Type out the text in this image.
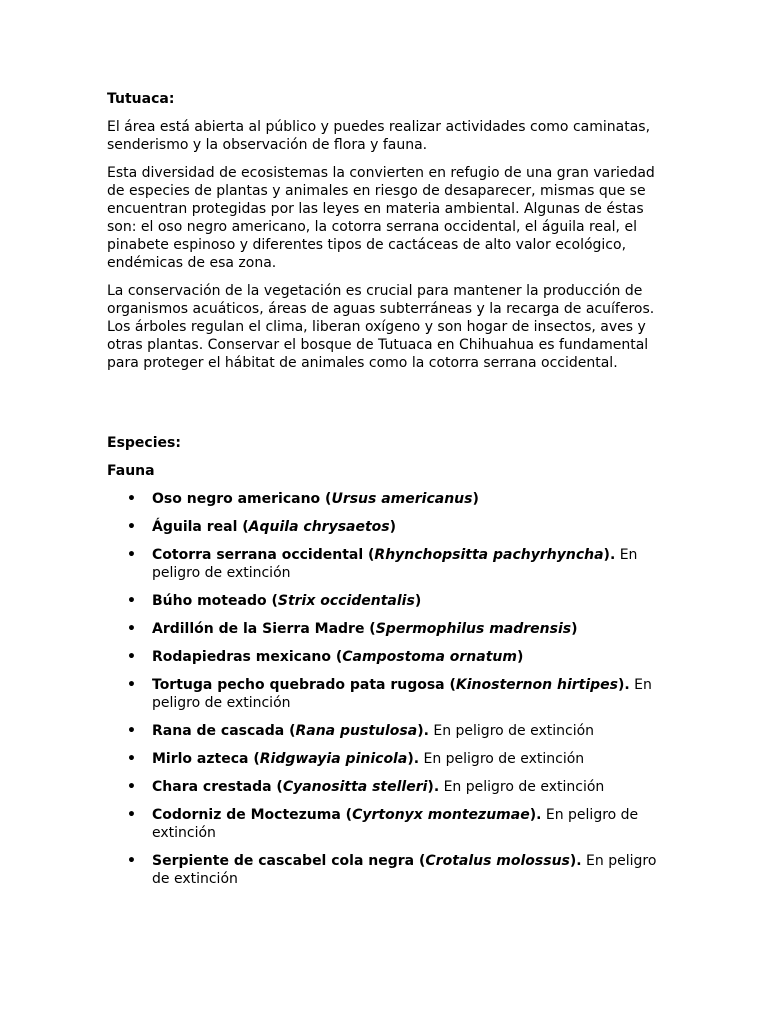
Tutuaca:

El área está abierta al público y puedes realizar actividades como caminatas, senderismo y la observación de flora y fauna.

Esta diversidad de ecosistemas la convierten en refugio de una gran variedad de especies de plantas y animales en riesgo de desaparecer, mismas que se encuentran protegidas por las leyes en materia ambiental. Algunas de éstas son: el oso negro americano, la cotorra serrana occidental, el águila real, el pinabete espinoso y diferentes tipos de cactáceas de alto valor ecológico, endémicas de esa zona.

La conservación de la vegetación es crucial para mantener la producción de organismos acuáticos, áreas de aguas subterráneas y la recarga de acuíferos. Los árboles regulan el clima, liberan oxígeno y son hogar de insectos, aves y otras plantas. Conservar el bosque de Tutuaca en Chihuahua es fundamental para proteger el hábitat de animales como la cotorra serrana occidental.

Especies:

Fauna

• Oso negro americano (Ursus americanus)
• Águila real (Aquila chrysaetos)
• Cotorra serrana occidental (Rhynchopsitta pachyrhyncha). En peligro de extinción
• Búho moteado (Strix occidentalis)
• Ardillón de la Sierra Madre (Spermophilus madrensis)
• Rodapiedras mexicano (Campostoma ornatum)
• Tortuga pecho quebrado pata rugosa (Kinosternon hirtipes). En peligro de extinción
• Rana de cascada (Rana pustulosa). En peligro de extinción
• Mirlo azteca (Ridgwayia pinicola). En peligro de extinción
• Chara crestada (Cyanositta stelleri). En peligro de extinción
• Codorniz de Moctezuma (Cyrtonyx montezumae). En peligro de extinción
• Serpiente de cascabel cola negra (Crotalus molossus). En peligro de extinción
